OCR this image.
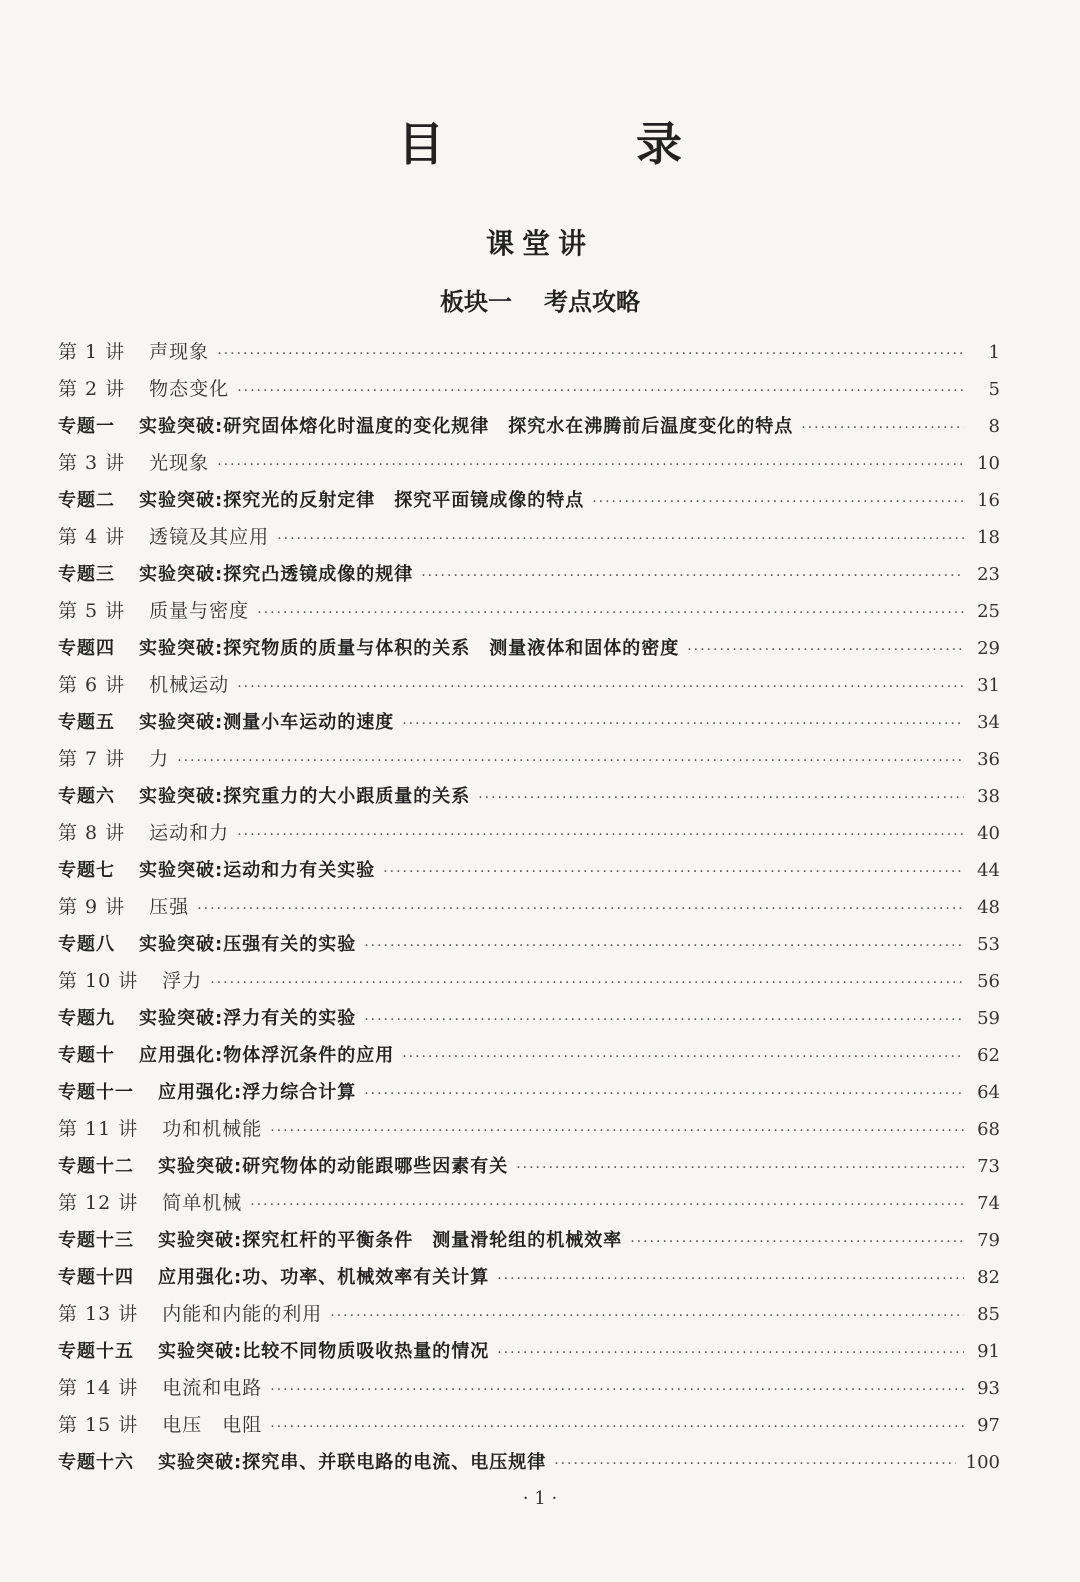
目 录
课堂讲
板块一 考点攻略
第 1 讲 声现象 ·····	1
第 2 讲 物态变化 ·····	5
专题一 实验突破:研究固体熔化时温度的变化规律　探究水在沸腾前后温度变化的特点 ·····	8
第 3 讲 光现象 ·····	10
专题二 实验突破:探究光的反射定律　探究平面镜成像的特点 ·····	16
第 4 讲 透镜及其应用 ·····	18
专题三 实验突破:探究凸透镜成像的规律 ·····	23
第 5 讲 质量与密度 ·····	25
专题四 实验突破:探究物质的质量与体积的关系　测量液体和固体的密度 ·····	29
第 6 讲 机械运动 ·····	31
专题五 实验突破:测量小车运动的速度 ·····	34
第 7 讲 力 ·····	36
专题六 实验突破:探究重力的大小跟质量的关系 ·····	38
第 8 讲 运动和力 ·····	40
专题七 实验突破:运动和力有关实验 ·····	44
第 9 讲 压强 ·····	48
专题八 实验突破:压强有关的实验 ·····	53
第 10 讲 浮力 ·····	56
专题九 实验突破:浮力有关的实验 ·····	59
专题十 应用强化:物体浮沉条件的应用 ·····	62
专题十一 应用强化:浮力综合计算 ·····	64
第 11 讲 功和机械能 ·····	68
专题十二 实验突破:研究物体的动能跟哪些因素有关 ·····	73
第 12 讲 简单机械 ·····	74
专题十三 实验突破:探究杠杆的平衡条件　测量滑轮组的机械效率 ·····	79
专题十四 应用强化:功、功率、机械效率有关计算 ·····	82
第 13 讲 内能和内能的利用 ·····	85
专题十五 实验突破:比较不同物质吸收热量的情况 ·····	91
第 14 讲 电流和电路 ·····	93
第 15 讲 电压　电阻 ·····	97
专题十六 实验突破:探究串、并联电路的电流、电压规律 ·····	100
· 1 ·
